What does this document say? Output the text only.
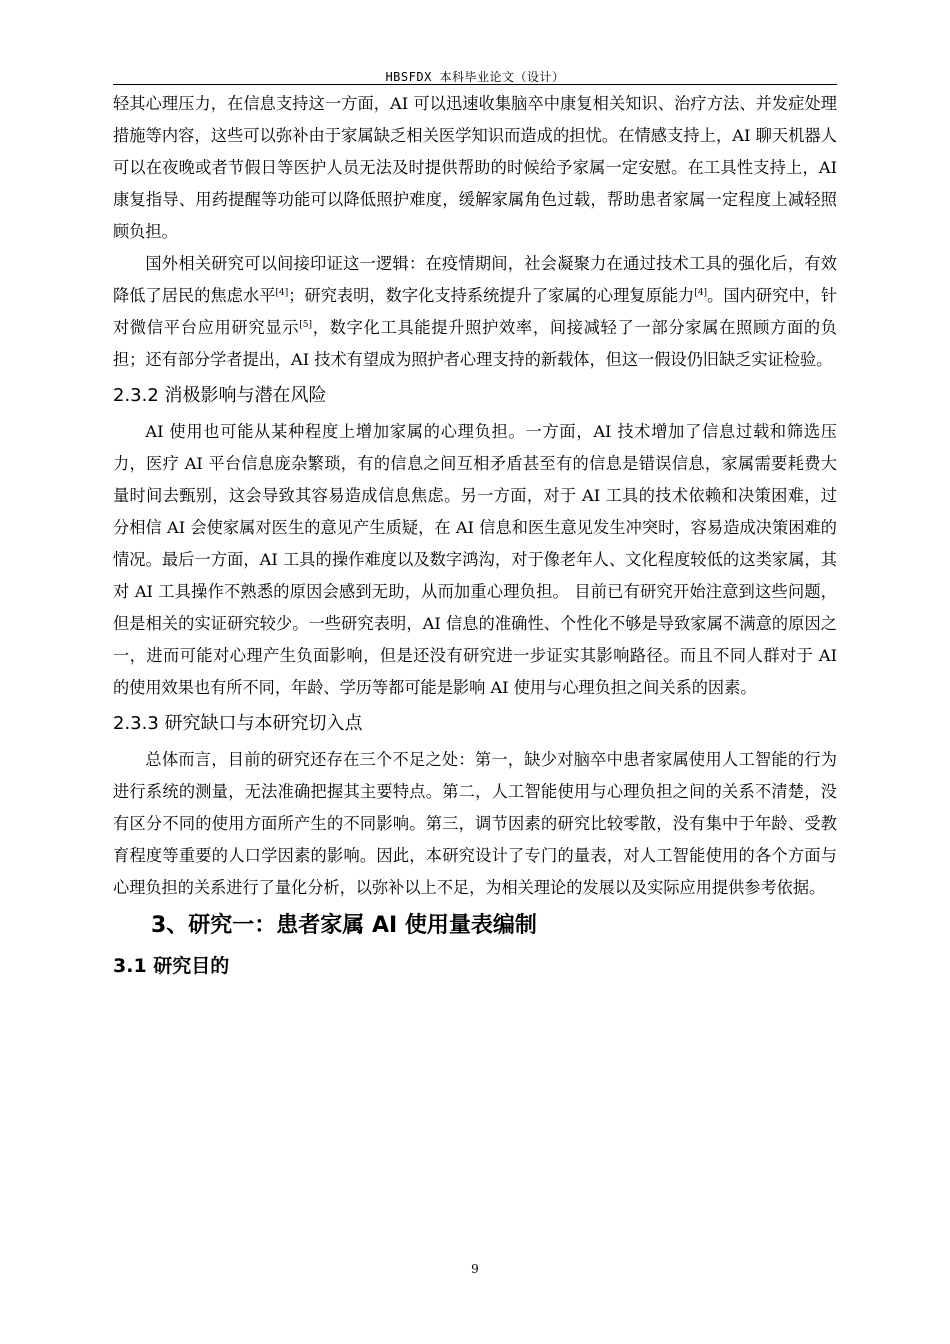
HBSFDX 本科毕业论文（设计）

轻其心理压力，在信息支持这一方面，AI 可以迅速收集脑卒中康复相关知识、治疗方法、并发症处理措施等内容，这些可以弥补由于家属缺乏相关医学知识而造成的担忧。在情感支持上，AI 聊天机器人可以在夜晚或者节假日等医护人员无法及时提供帮助的时候给予家属一定安慰。在工具性支持上，AI 康复指导、用药提醒等功能可以降低照护难度，缓解家属角色过载，帮助患者家属一定程度上减轻照顾负担。

国外相关研究可以间接印证这一逻辑：在疫情期间，社会凝聚力在通过技术工具的强化后，有效降低了居民的焦虑水平[4]；研究表明，数字化支持系统提升了家属的心理复原能力[4]。国内研究中，针对微信平台应用研究显示[5]，数字化工具能提升照护效率，间接减轻了一部分家属在照顾方面的负担；还有部分学者提出，AI 技术有望成为照护者心理支持的新载体，但这一假设仍旧缺乏实证检验。

2.3.2 消极影响与潜在风险

AI 使用也可能从某种程度上增加家属的心理负担。一方面，AI 技术增加了信息过载和筛选压力，医疗 AI 平台信息庞杂繁琐，有的信息之间互相矛盾甚至有的信息是错误信息，家属需要耗费大量时间去甄别，这会导致其容易造成信息焦虑。另一方面，对于 AI 工具的技术依赖和决策困难，过分相信 AI 会使家属对医生的意见产生质疑，在 AI 信息和医生意见发生冲突时，容易造成决策困难的情况。最后一方面，AI 工具的操作难度以及数字鸿沟，对于像老年人、文化程度较低的这类家属，其对 AI 工具操作不熟悉的原因会感到无助，从而加重心理负担。 目前已有研究开始注意到这些问题，但是相关的实证研究较少。一些研究表明，AI 信息的准确性、个性化不够是导致家属不满意的原因之一，进而可能对心理产生负面影响，但是还没有研究进一步证实其影响路径。而且不同人群对于 AI 的使用效果也有所不同，年龄、学历等都可能是影响 AI 使用与心理负担之间关系的因素。

2.3.3 研究缺口与本研究切入点

总体而言，目前的研究还存在三个不足之处：第一，缺少对脑卒中患者家属使用人工智能的行为进行系统的测量，无法准确把握其主要特点。第二，人工智能使用与心理负担之间的关系不清楚，没有区分不同的使用方面所产生的不同影响。第三，调节因素的研究比较零散，没有集中于年龄、受教育程度等重要的人口学因素的影响。因此，本研究设计了专门的量表，对人工智能使用的各个方面与心理负担的关系进行了量化分析，以弥补以上不足，为相关理论的发展以及实际应用提供参考依据。

3、研究一：患者家属 AI 使用量表编制
3.1 研究目的
9
